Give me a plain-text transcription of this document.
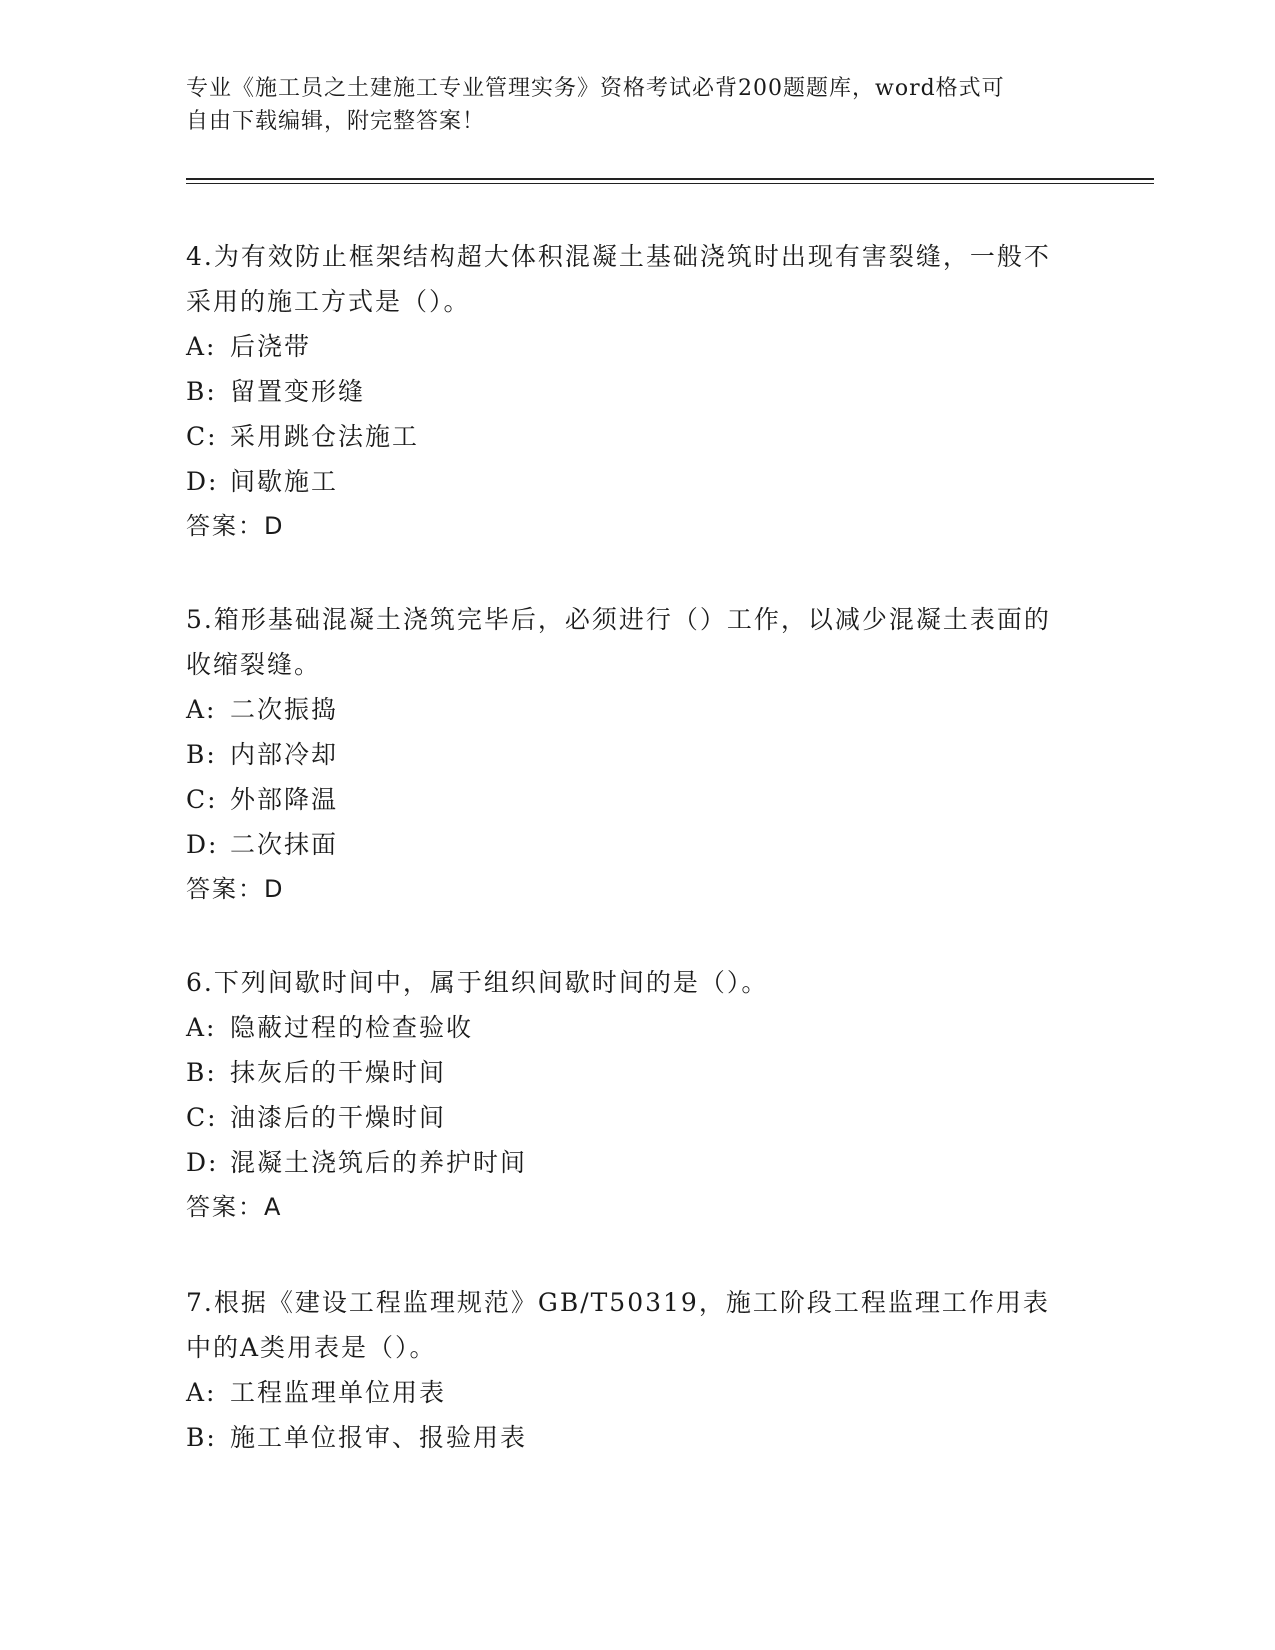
专业《施工员之土建施工专业管理实务》资格考试必背200题题库，word格式可
自由下载编辑，附完整答案！
4.为有效防止框架结构超大体积混凝土基础浇筑时出现有害裂缝，一般不采用的施工方式是（）。
A: 后浇带
B: 留置变形缝
C: 采用跳仓法施工
D: 间歇施工
答案：D
5.箱形基础混凝土浇筑完毕后，必须进行（）工作，以减少混凝土表面的收缩裂缝。
A: 二次振捣
B: 内部冷却
C: 外部降温
D: 二次抹面
答案：D
6.下列间歇时间中，属于组织间歇时间的是（）。
A: 隐蔽过程的检查验收
B: 抹灰后的干燥时间
C: 油漆后的干燥时间
D: 混凝土浇筑后的养护时间
答案：A
7.根据《建设工程监理规范》GB/T50319，施工阶段工程监理工作用表中的A类用表是（）。
A: 工程监理单位用表
B: 施工单位报审、报验用表
